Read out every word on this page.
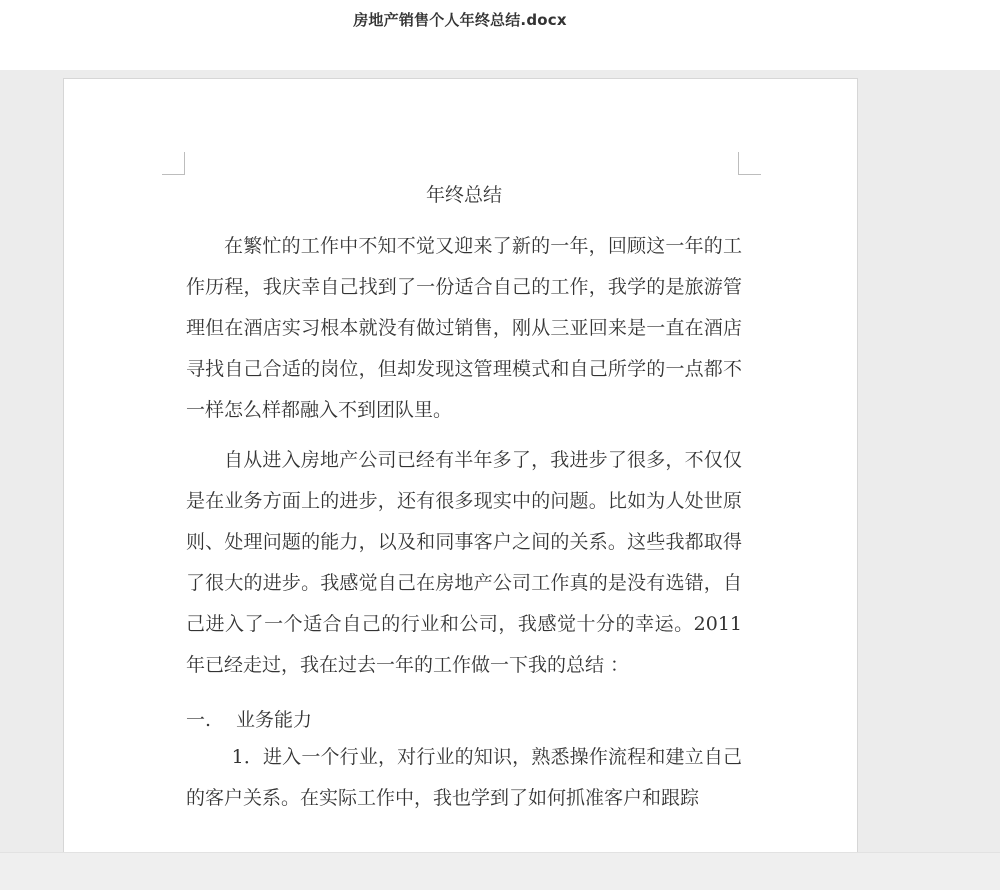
房地产销售个人年终总结.docx
年终总结

在繁忙的工作中不知不觉又迎来了新的一年，回顾这一年的工作历程，我庆幸自己找到了一份适合自己的工作，我学的是旅游管理但在酒店实习根本就没有做过销售，刚从三亚回来是一直在酒店寻找自己合适的岗位，但却发现这管理模式和自己所学的一点都不一样怎么样都融入不到团队里。

自从进入房地产公司已经有半年多了，我进步了很多，不仅仅是在业务方面上的进步，还有很多现实中的问题。比如为人处世原则、处理问题的能力，以及和同事客户之间的关系。这些我都取得了很大的进步。我感觉自己在房地产公司工作真的是没有选错，自己进入了一个适合自己的行业和公司，我感觉十分的幸运。2011 年已经走过，我在过去一年的工作做一下我的总结 ：

一. 业务能力

1．进入一个行业，对行业的知识，熟悉操作流程和建立自己的客户关系。在实际工作中，我也学到了如何抓准客户和跟踪
